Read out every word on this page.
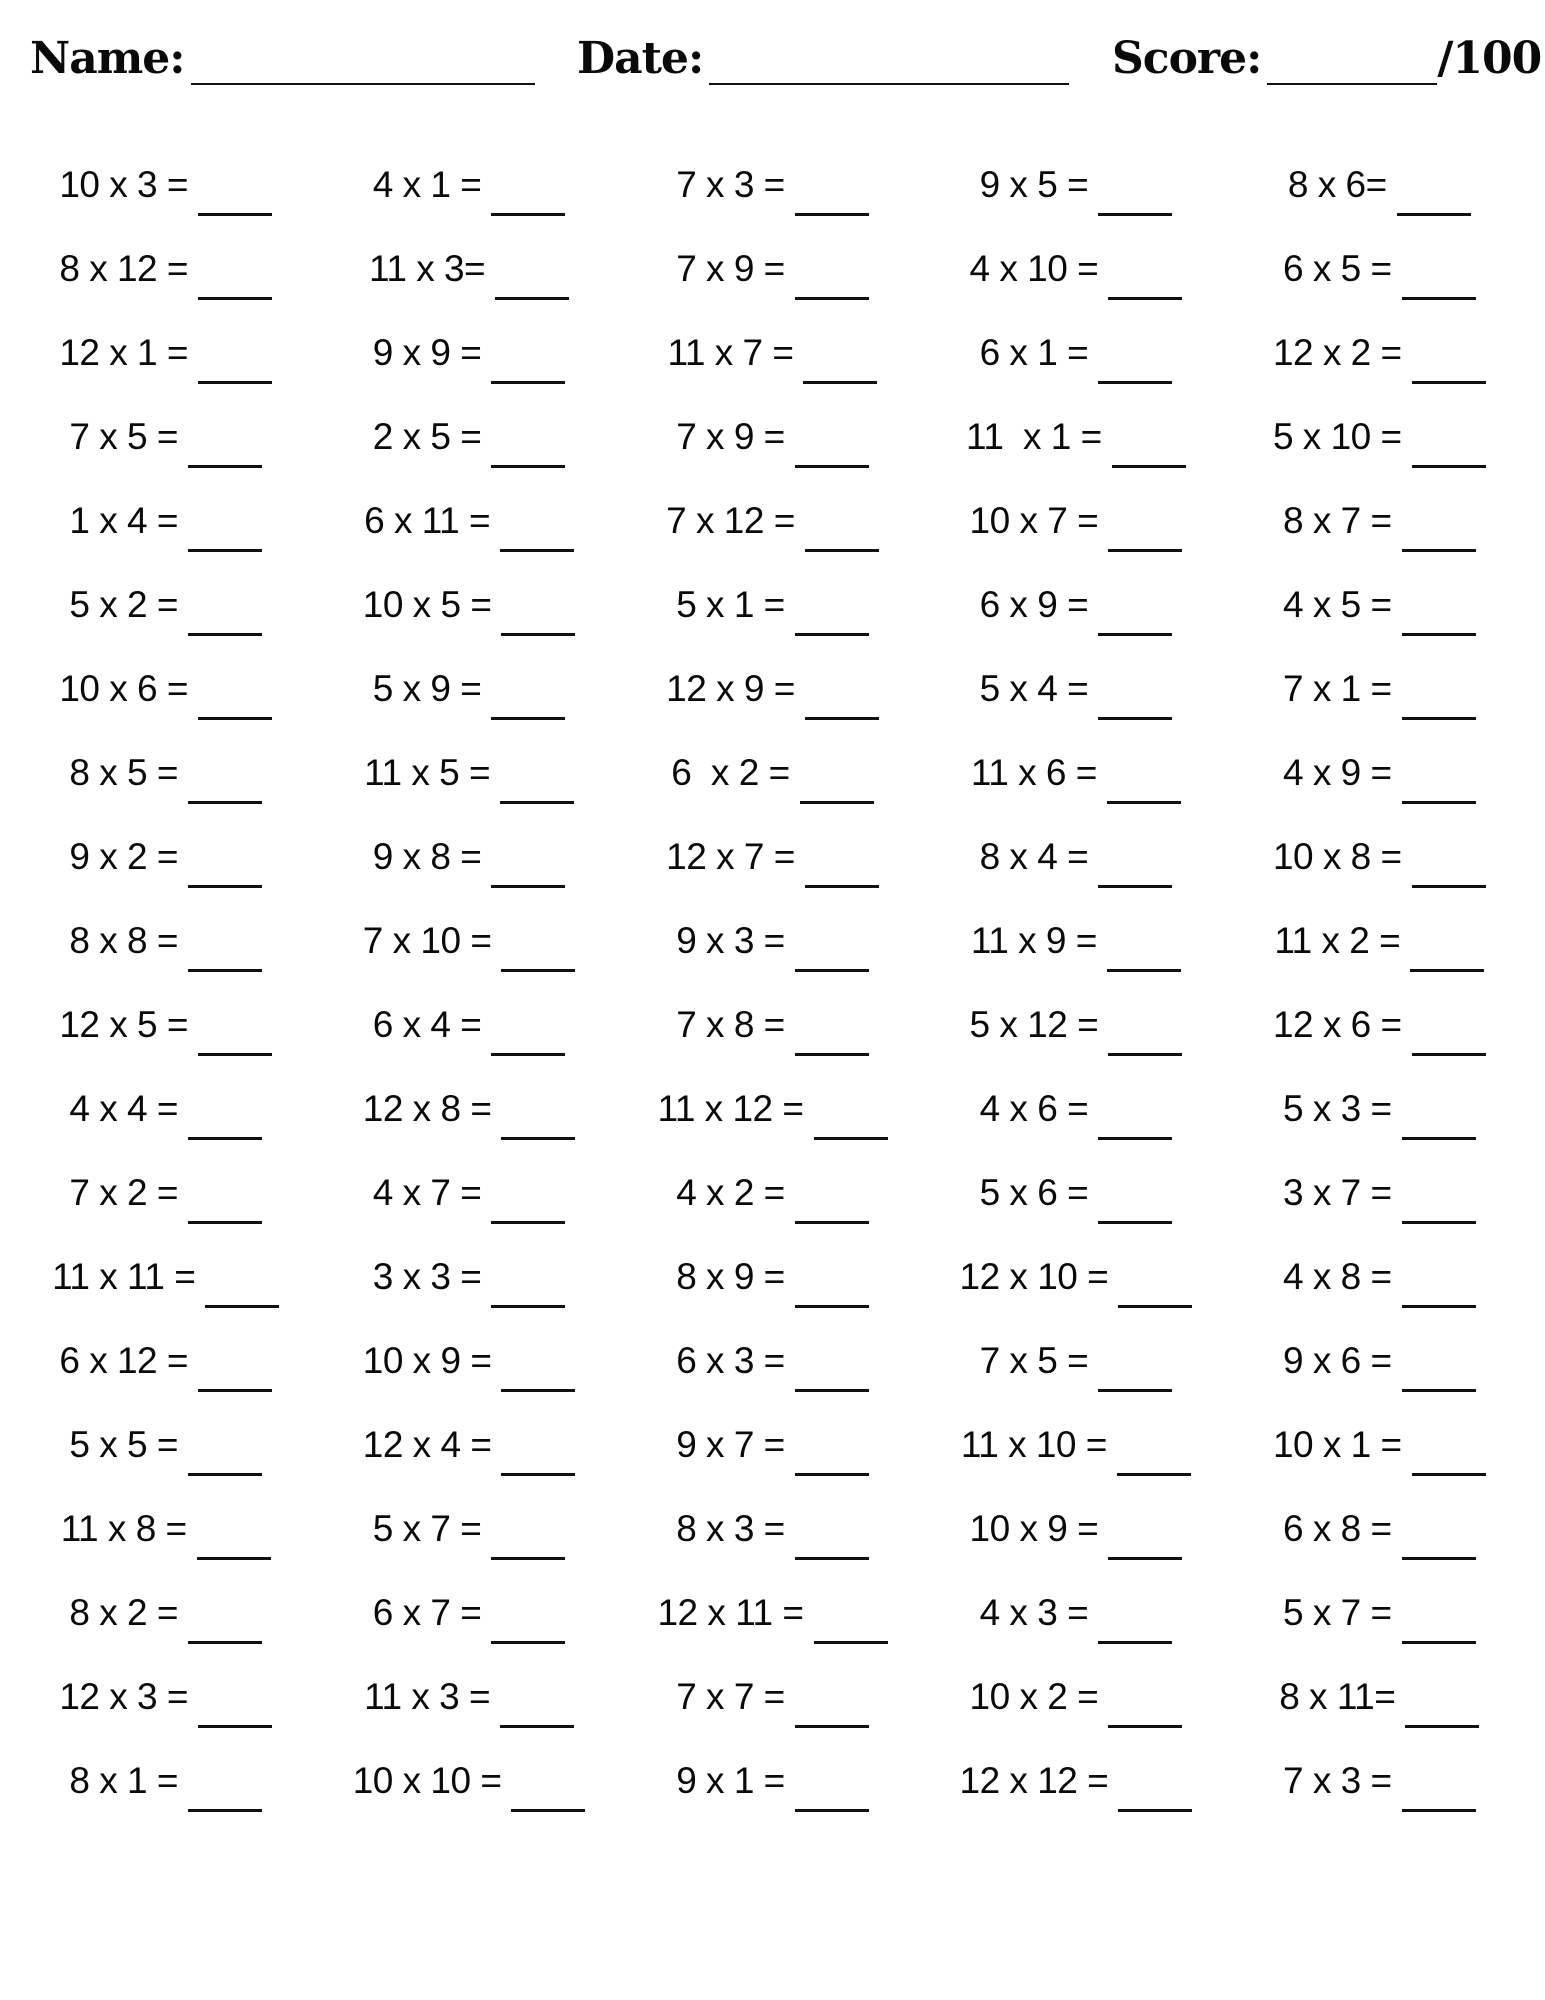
Name:	Date:	Score:	/100
10 x 3 =	4 x 1 =	7 x 3 =	9 x 5 =	8 x 6=
8 x 12 =	11 x 3=	7 x 9 =	4 x 10 =	6 x 5 =
12 x 1 =	9 x 9 =	11 x 7 =	6 x 1 =	12 x 2 =
7 x 5 =	2 x 5 =	7 x 9 =	11  x 1 =	5 x 10 =
1 x 4 =	6 x 11 =	7 x 12 =	10 x 7 =	8 x 7 =
5 x 2 =	10 x 5 =	5 x 1 =	6 x 9 =	4 x 5 =
10 x 6 =	5 x 9 =	12 x 9 =	5 x 4 =	7 x 1 =
8 x 5 =	11 x 5 =	6  x 2 =	11 x 6 =	4 x 9 =
9 x 2 =	9 x 8 =	12 x 7 =	8 x 4 =	10 x 8 =
8 x 8 =	7 x 10 =	9 x 3 =	11 x 9 =	11 x 2 =
12 x 5 =	6 x 4 =	7 x 8 =	5 x 12 =	12 x 6 =
4 x 4 =	12 x 8 =	11 x 12 =	4 x 6 =	5 x 3 =
7 x 2 =	4 x 7 =	4 x 2 =	5 x 6 =	3 x 7 =
11 x 11 =	3 x 3 =	8 x 9 =	12 x 10 =	4 x 8 =
6 x 12 =	10 x 9 =	6 x 3 =	7 x 5 =	9 x 6 =
5 x 5 =	12 x 4 =	9 x 7 =	11 x 10 =	10 x 1 =
11 x 8 =	5 x 7 =	8 x 3 =	10 x 9 =	6 x 8 =
8 x 2 =	6 x 7 =	12 x 11 =	4 x 3 =	5 x 7 =
12 x 3 =	11 x 3 =	7 x 7 =	10 x 2 =	8 x 11=
8 x 1 =	10 x 10 =	9 x 1 =	12 x 12 =	7 x 3 =
